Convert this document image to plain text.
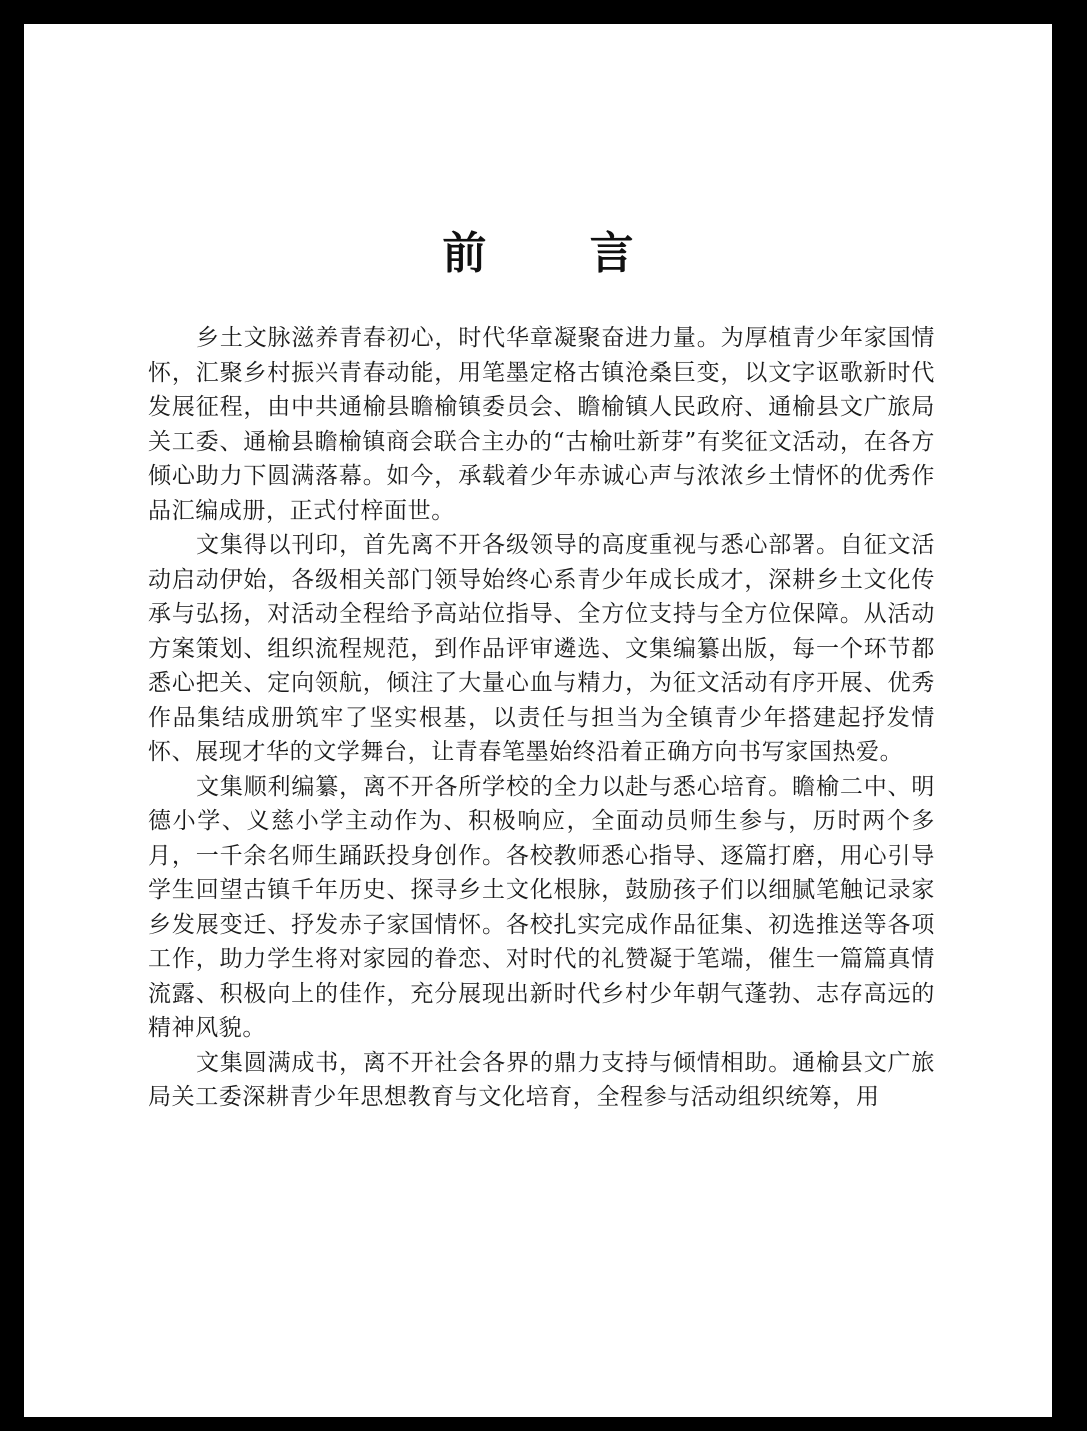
前 言

乡土文脉滋养青春初心，时代华章凝聚奋进力量。为厚植青少年家国情怀，汇聚乡村振兴青春动能，用笔墨定格古镇沧桑巨变，以文字讴歌新时代发展征程，由中共通榆县瞻榆镇委员会、瞻榆镇人民政府、通榆县文广旅局关工委、通榆县瞻榆镇商会联合主办的“古榆吐新芽”有奖征文活动，在各方倾心助力下圆满落幕。如今，承载着少年赤诚心声与浓浓乡土情怀的优秀作品汇编成册，正式付梓面世。

文集得以刊印，首先离不开各级领导的高度重视与悉心部署。自征文活动启动伊始，各级相关部门领导始终心系青少年成长成才，深耕乡土文化传承与弘扬，对活动全程给予高站位指导、全方位支持与全方位保障。从活动方案策划、组织流程规范，到作品评审遴选、文集编纂出版，每一个环节都悉心把关、定向领航，倾注了大量心血与精力，为征文活动有序开展、优秀作品集结成册筑牢了坚实根基，以责任与担当为全镇青少年搭建起抒发情怀、展现才华的文学舞台，让青春笔墨始终沿着正确方向书写家国热爱。

文集顺利编纂，离不开各所学校的全力以赴与悉心培育。瞻榆二中、明德小学、义慈小学主动作为、积极响应，全面动员师生参与，历时两个多月，一千余名师生踊跃投身创作。各校教师悉心指导、逐篇打磨，用心引导学生回望古镇千年历史、探寻乡土文化根脉，鼓励孩子们以细腻笔触记录家乡发展变迁、抒发赤子家国情怀。各校扎实完成作品征集、初选推送等各项工作，助力学生将对家园的眷恋、对时代的礼赞凝于笔端，催生一篇篇真情流露、积极向上的佳作，充分展现出新时代乡村少年朝气蓬勃、志存高远的精神风貌。

文集圆满成书，离不开社会各界的鼎力支持与倾情相助。通榆县文广旅局关工委深耕青少年思想教育与文化培育，全程参与活动组织统筹，用
